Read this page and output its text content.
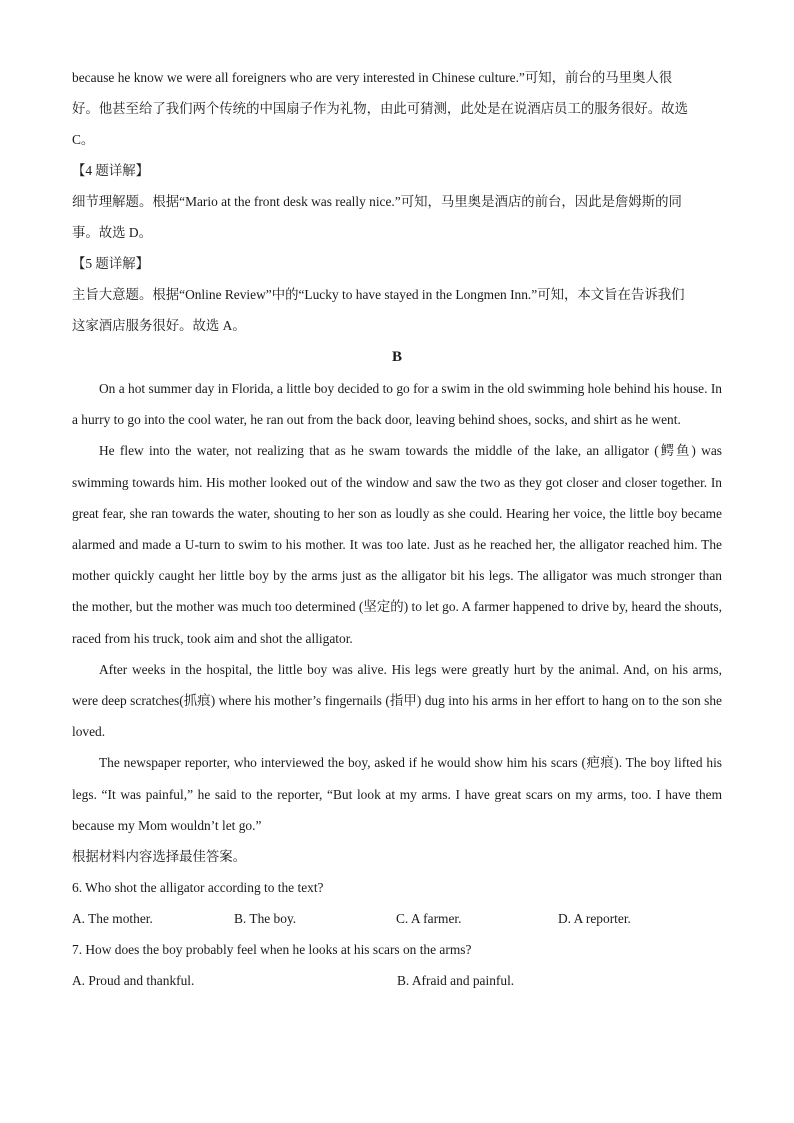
because he know we were all foreigners who are very interested in Chinese culture.”可知，前台的马里奥人很

好。他甚至给了我们两个传统的中国扇子作为礼物，由此可猜测，此处是在说酒店员工的服务很好。故选

C。

【4 题详解】

细节理解题。根据“Mario at the front desk was really nice.”可知，马里奥是酒店的前台，因此是詹姆斯的同

事。故选 D。

【5 题详解】

主旨大意题。根据“Online Review”中的“Lucky to have stayed in the Longmen Inn.”可知，本文旨在告诉我们

这家酒店服务很好。故选 A。

B

On a hot summer day in Florida, a little boy decided to go for a swim in the old swimming hole behind his house. In a hurry to go into the cool water, he ran out from the back door, leaving behind shoes, socks, and shirt as he went.

He flew into the water, not realizing that as he swam towards the middle of the lake, an alligator (鳄鱼) was swimming towards him. His mother looked out of the window and saw the two as they got closer and closer together. In great fear, she ran towards the water, shouting to her son as loudly as she could. Hearing her voice, the little boy became alarmed and made a U-turn to swim to his mother. It was too late. Just as he reached her, the alligator reached him. The mother quickly caught her little boy by the arms just as the alligator bit his legs. The alligator was much stronger than the mother, but the mother was much too determined (坚定的) to let go. A farmer happened to drive by, heard the shouts, raced from his truck, took aim and shot the alligator.

After weeks in the hospital, the little boy was alive. His legs were greatly hurt by the animal. And, on his arms, were deep scratches(抓痕) where his mother’s fingernails (指甲) dug into his arms in her effort to hang on to the son she loved.

The newspaper reporter, who interviewed the boy, asked if he would show him his scars (疤痕). The boy lifted his legs. “It was painful,” he said to the reporter, “But look at my arms. I have great scars on my arms, too. I have them because my Mom wouldn’t let go.”

根据材料内容选择最佳答案。

6. Who shot the alligator according to the text?

A. The mother.	B. The boy.	C. A farmer.	D. A reporter.

7. How does the boy probably feel when he looks at his scars on the arms?

A. Proud and thankful.	B. Afraid and painful.
